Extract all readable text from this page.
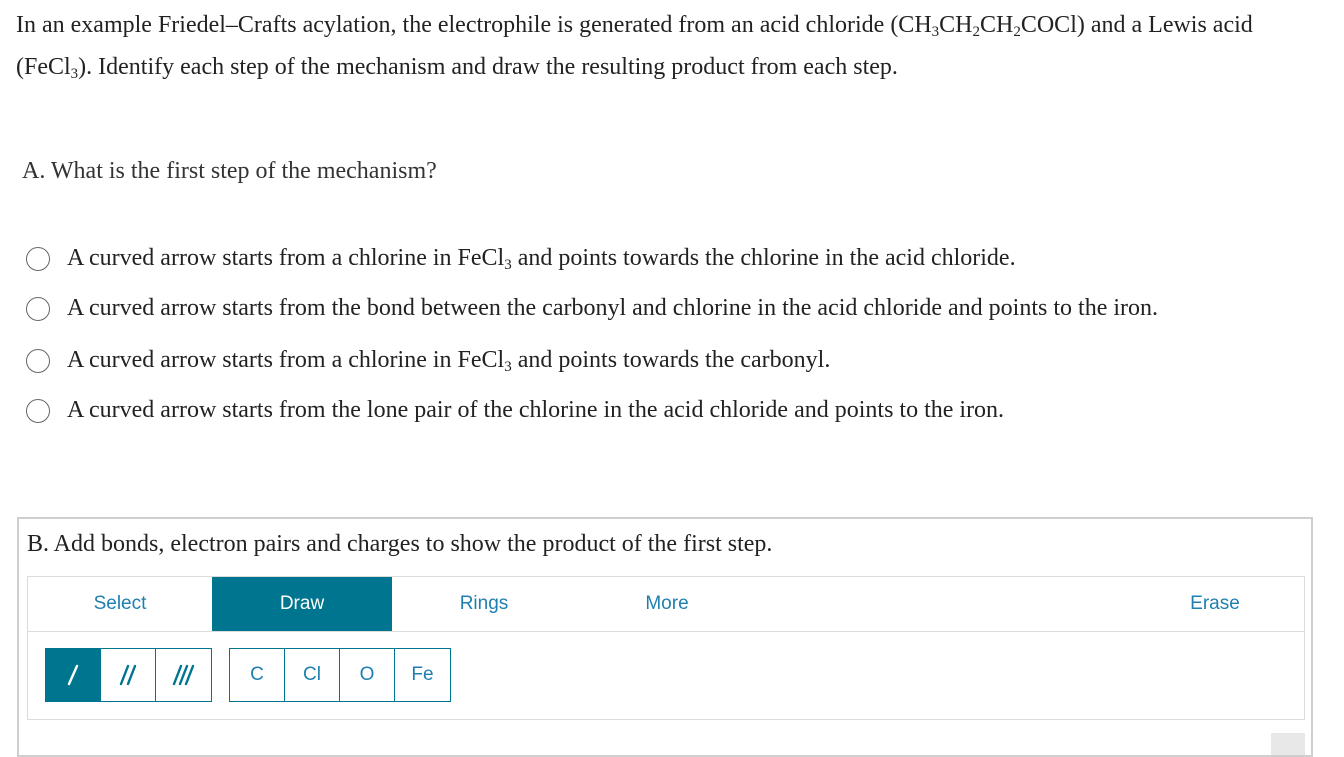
In an example Friedel–Crafts acylation, the electrophile is generated from an acid chloride $(CH_3CH_2CH_2COCl)$ and a Lewis acid (FeCl$_3$). Identify each step of the mechanism and draw the resulting product from each step.
A. What is the first step of the mechanism?
A curved arrow starts from a chlorine in FeCl$_3$ and points towards the chlorine in the acid chloride.
A curved arrow starts from the bond between the carbonyl and chlorine in the acid chloride and points to the iron.
A curved arrow starts from a chlorine in FeCl$_3$ and points towards the carbonyl.
A curved arrow starts from the lone pair of the chlorine in the acid chloride and points to the iron.
B. Add bonds, electron pairs and charges to show the product of the first step.
Select	Draw	Rings	More	Erase
C	Cl	O	Fe
